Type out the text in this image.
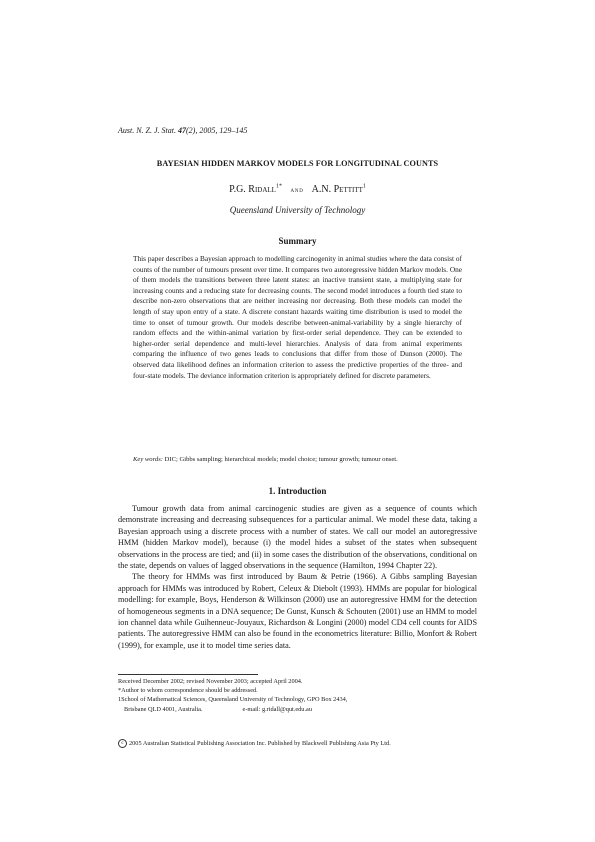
Aust. N. Z. J. Stat. 47(2), 2005, 129–145
BAYESIAN HIDDEN MARKOV MODELS FOR LONGITUDINAL COUNTS
P.G. Ridall$^{1*}$ and A.N. Pettitt$^1$
Queensland University of Technology
Summary
This paper describes a Bayesian approach to modelling carcinogenity in animal studies where the data consist of counts of the number of tumours present over time. It compares two autoregressive hidden Markov models. One of them models the transitions between three latent states: an inactive transient state, a multiplying state for increasing counts and a reducing state for decreasing counts. The second model introduces a fourth tied state to describe non-zero observations that are neither increasing nor decreasing. Both these models can model the length of stay upon entry of a state. A discrete constant hazards waiting time distribution is used to model the time to onset of tumour growth. Our models describe between-animal-variability by a single hierarchy of random effects and the within-animal variation by first-order serial dependence. They can be extended to higher-order serial dependence and multi-level hierarchies. Analysis of data from animal experiments comparing the influence of two genes leads to conclusions that differ from those of Dunson (2000). The observed data likelihood defines an information criterion to assess the predictive properties of the three- and four-state models. The deviance information criterion is appropriately defined for discrete parameters.
Key words: DIC; Gibbs sampling; hierarchical models; model choice; tumour growth; tumour onset.
1. Introduction

Tumour growth data from animal carcinogenic studies are given as a sequence of counts which demonstrate increasing and decreasing subsequences for a particular animal. We model these data, taking a Bayesian approach using a discrete process with a number of states. We call our model an autoregressive HMM (hidden Markov model), because (i) the model hides a subset of the states when subsequent observations in the process are tied; and (ii) in some cases the distribution of the observations, conditional on the state, depends on values of lagged observations in the sequence (Hamilton, 1994 Chapter 22).

The theory for HMMs was first introduced by Baum & Petrie (1966). A Gibbs sampling Bayesian approach for HMMs was introduced by Robert, Celeux & Diebolt (1993). HMMs are popular for biological modelling: for example, Boys, Henderson & Wilkinson (2000) use an autoregressive HMM for the detection of homogeneous segments in a DNA sequence; De Gunst, Kunsch & Schouten (2001) use an HMM to model ion channel data while Guihenneuc-Jouyaux, Richardson & Longini (2000) model CD4 cell counts for AIDS patients. The autoregressive HMM can also be found in the econometrics literature: Billio, Monfort & Robert (1999), for example, use it to model time series data.

Received December 2002; revised November 2003; accepted April 2004.
*Author to whom correspondence should be addressed.
1School of Mathematical Sciences, Queensland University of Technology, GPO Box 2434,
Brisbane QLD 4001, Australia.	e-mail: g.ridall@qut.edu.au
c 2005 Australian Statistical Publishing Association Inc. Published by Blackwell Publishing Asia Pty Ltd.
